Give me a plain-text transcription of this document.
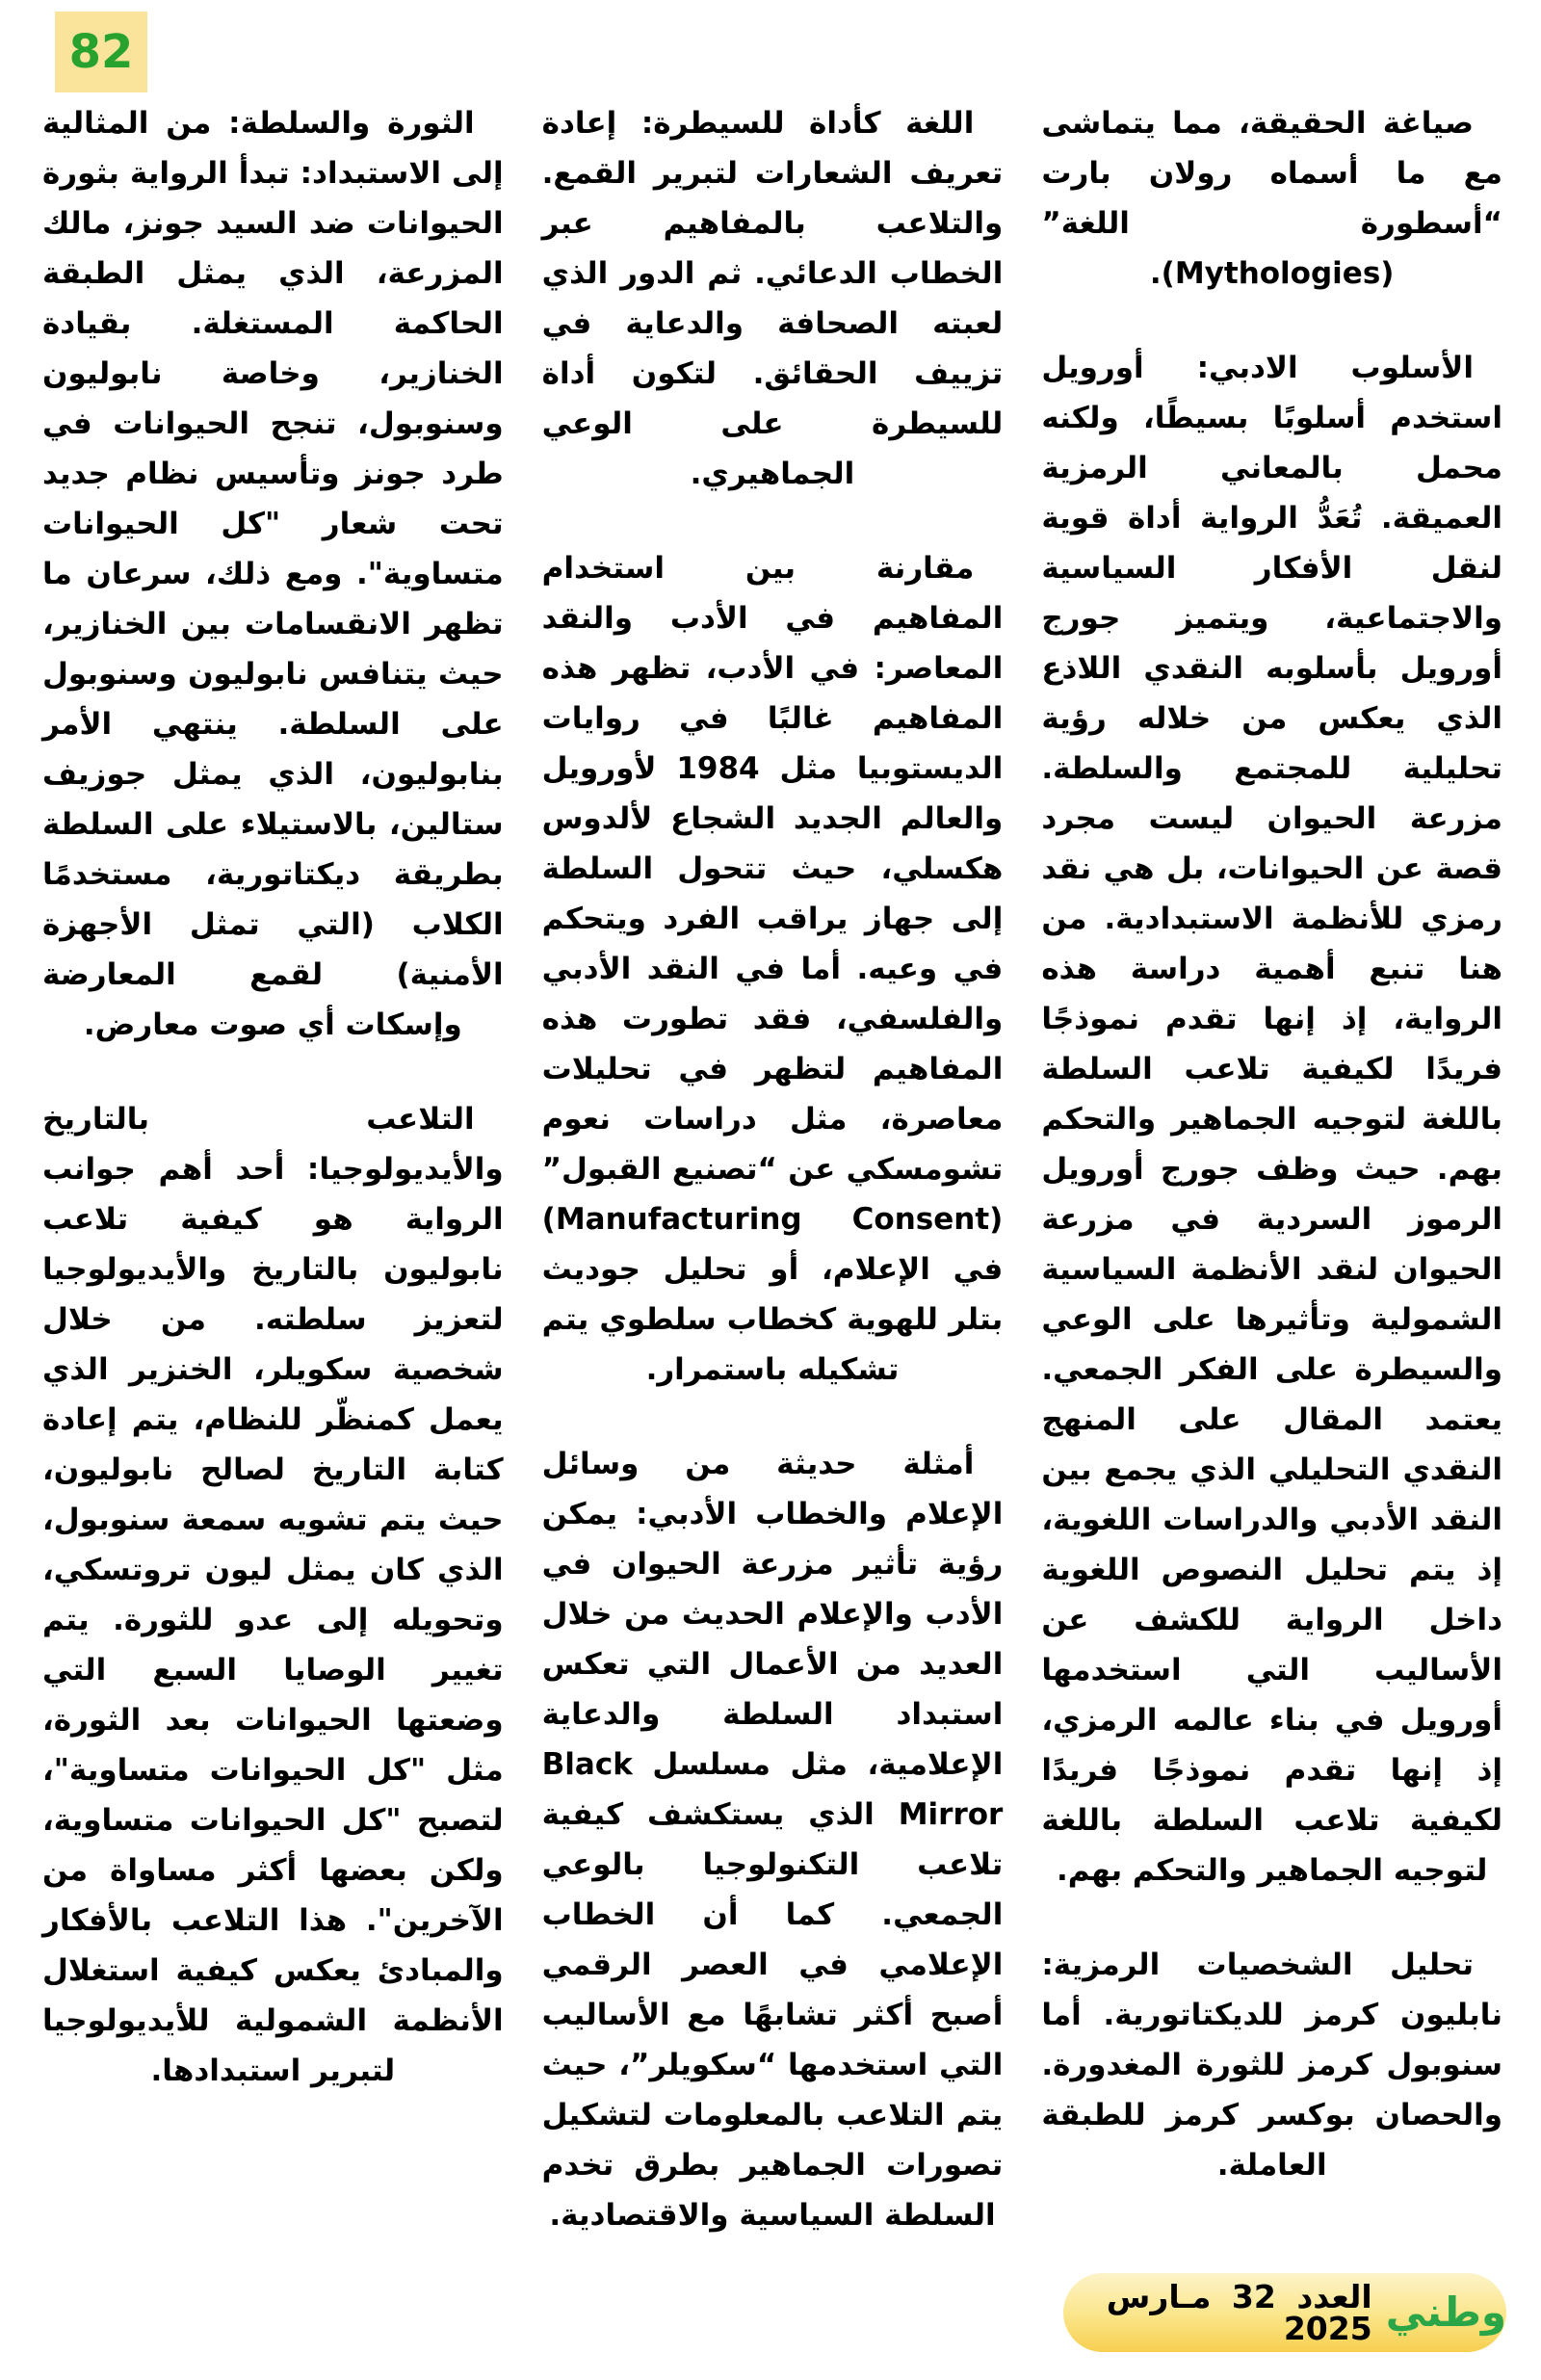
82

صياغة الحقيقة، مما يتماشى مع ما أسماه رولان بارت “أسطورة اللغة” (Mythologies).

الأسلوب الادبي: أورويل استخدم أسلوبًا بسيطًا، ولكنه محمل بالمعاني الرمزية العميقة. تُعَدُّ الرواية أداة قوية لنقل الأفكار السياسية والاجتماعية، ويتميز جورج أورويل بأسلوبه النقدي اللاذع الذي يعكس من خلاله رؤية تحليلية للمجتمع والسلطة. مزرعة الحيوان ليست مجرد قصة عن الحيوانات، بل هي نقد رمزي للأنظمة الاستبدادية. من هنا تنبع أهمية دراسة هذه الرواية، إذ إنها تقدم نموذجًا فريدًا لكيفية تلاعب السلطة باللغة لتوجيه الجماهير والتحكم بهم. حيث وظف جورج أورويل الرموز السردية في مزرعة الحيوان لنقد الأنظمة السياسية الشمولية وتأثيرها على الوعي والسيطرة على الفكر الجمعي. يعتمد المقال على المنهج النقدي التحليلي الذي يجمع بين النقد الأدبي والدراسات اللغوية، إذ يتم تحليل النصوص اللغوية داخل الرواية للكشف عن الأساليب التي استخدمها أورويل في بناء عالمه الرمزي، إذ إنها تقدم نموذجًا فريدًا لكيفية تلاعب السلطة باللغة لتوجيه الجماهير والتحكم بهم.

تحليل الشخصيات الرمزية: نابليون كرمز للديكتاتورية. أما سنوبول كرمز للثورة المغدورة. والحصان بوكسر كرمز للطبقة العاملة.

اللغة كأداة للسيطرة: إعادة تعريف الشعارات لتبرير القمع. والتلاعب بالمفاهيم عبر الخطاب الدعائي. ثم الدور الذي لعبته الصحافة والدعاية في تزييف الحقائق. لتكون أداة للسيطرة على الوعي الجماهيري.

مقارنة بين استخدام المفاهيم في الأدب والنقد المعاصر: في الأدب، تظهر هذه المفاهيم غالبًا في روايات الديستوبيا مثل 1984 لأورويل والعالم الجديد الشجاع لألدوس هكسلي، حيث تتحول السلطة إلى جهاز يراقب الفرد ويتحكم في وعيه. أما في النقد الأدبي والفلسفي، فقد تطورت هذه المفاهيم لتظهر في تحليلات معاصرة، مثل دراسات نعوم تشومسكي عن “تصنيع القبول” (Manufacturing Consent) في الإعلام، أو تحليل جوديث بتلر للهوية كخطاب سلطوي يتم تشكيله باستمرار.

أمثلة حديثة من وسائل الإعلام والخطاب الأدبي: يمكن رؤية تأثير مزرعة الحيوان في الأدب والإعلام الحديث من خلال العديد من الأعمال التي تعكس استبداد السلطة والدعاية الإعلامية، مثل مسلسل Black Mirror الذي يستكشف كيفية تلاعب التكنولوجيا بالوعي الجمعي. كما أن الخطاب الإعلامي في العصر الرقمي أصبح أكثر تشابهًا مع الأساليب التي استخدمها “سكويلر”، حيث يتم التلاعب بالمعلومات لتشكيل تصورات الجماهير بطرق تخدم السلطة السياسية والاقتصادية.

الثورة والسلطة: من المثالية إلى الاستبداد: تبدأ الرواية بثورة الحيوانات ضد السيد جونز، مالك المزرعة، الذي يمثل الطبقة الحاكمة المستغلة. بقيادة الخنازير، وخاصة نابوليون وسنوبول، تنجح الحيوانات في طرد جونز وتأسيس نظام جديد تحت شعار "كل الحيوانات متساوية". ومع ذلك، سرعان ما تظهر الانقسامات بين الخنازير، حيث يتنافس نابوليون وسنوبول على السلطة. ينتهي الأمر بنابوليون، الذي يمثل جوزيف ستالين، بالاستيلاء على السلطة بطريقة ديكتاتورية، مستخدمًا الكلاب (التي تمثل الأجهزة الأمنية) لقمع المعارضة وإسكات أي صوت معارض.

التلاعب بالتاريخ والأيديولوجيا: أحد أهم جوانب الرواية هو كيفية تلاعب نابوليون بالتاريخ والأيديولوجيا لتعزيز سلطته. من خلال شخصية سكويلر، الخنزير الذي يعمل كمنظّر للنظام، يتم إعادة كتابة التاريخ لصالح نابوليون، حيث يتم تشويه سمعة سنوبول، الذي كان يمثل ليون تروتسكي، وتحويله إلى عدو للثورة. يتم تغيير الوصايا السبع التي وضعتها الحيوانات بعد الثورة، مثل "كل الحيوانات متساوية"، لتصبح "كل الحيوانات متساوية، ولكن بعضها أكثر مساواة من الآخرين". هذا التلاعب بالأفكار والمبادئ يعكس كيفية استغلال الأنظمة الشمولية للأيديولوجيا لتبرير استبدادها.

وطني
العدد 32 مـارس 2025
